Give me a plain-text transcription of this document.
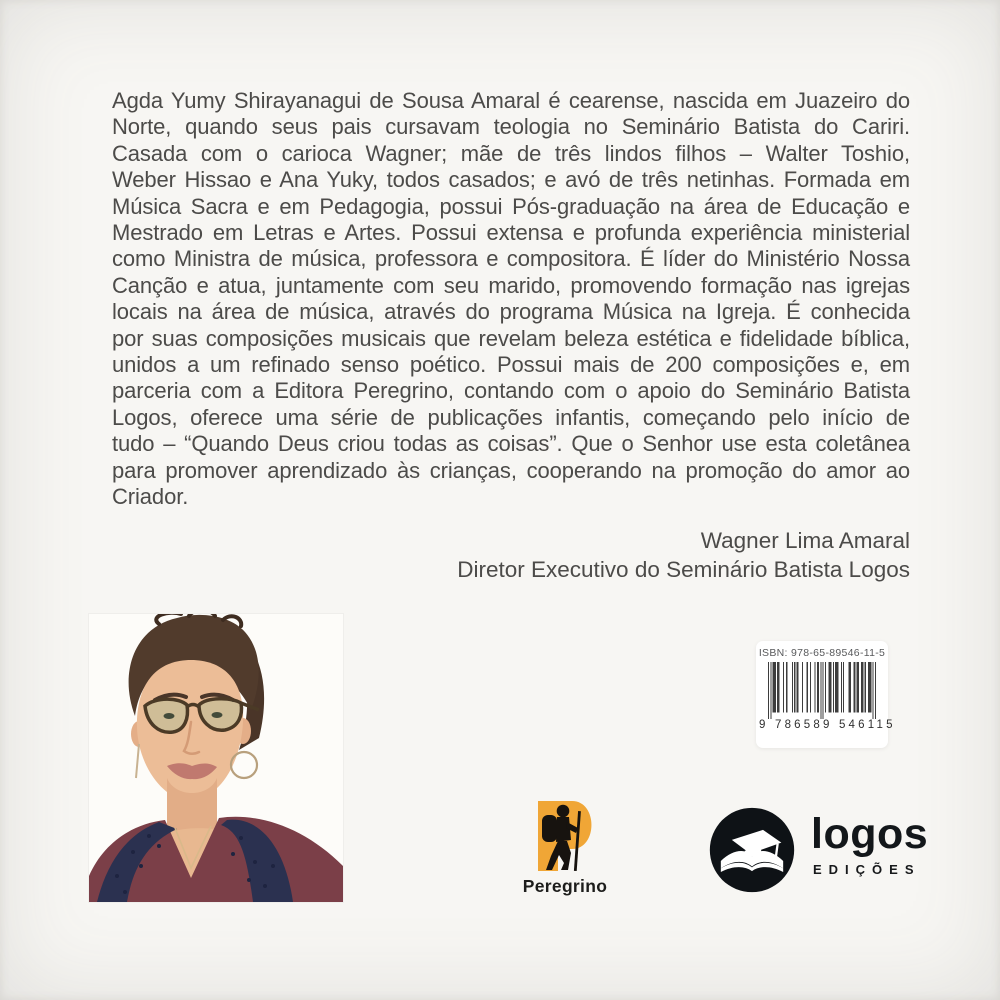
Agda Yumy Shirayanagui de Sousa Amaral é cearense, nascida em Juazeiro do Norte, quando seus pais cursavam teologia no Seminário Batista do Cariri. Casada com o carioca Wagner; mãe de três lindos filhos – Walter Toshio, Weber Hissao e Ana Yuky, todos casados; e avó de três netinhas. Formada em Música Sacra e em Pedagogia, possui Pós-graduação na área de Educação e Mestrado em Letras e Artes. Possui extensa e profunda experiência ministerial como Ministra de música, professora e compositora. É líder do Ministério Nossa Canção e atua, juntamente com seu marido, promovendo formação nas igrejas locais na área de música, através do programa Música na Igreja. É conhecida por suas composições musicais que revelam beleza estética e fidelidade bíblica, unidos a um refinado senso poético. Possui mais de 200 composições e, em parceria com a Editora Peregrino, contando com o apoio do Seminário Batista Logos, oferece uma série de publicações infantis, começando pelo início de tudo – “Quando Deus criou todas as coisas”. Que o Senhor use esta coletânea para promover aprendizado às crianças, cooperando na promoção do amor ao Criador.

Wagner Lima Amaral
Diretor Executivo do Seminário Batista Logos
ISBN: 978-65-89546-11-5
9 786589 546115
Peregrino
logos
EDIÇÕES
